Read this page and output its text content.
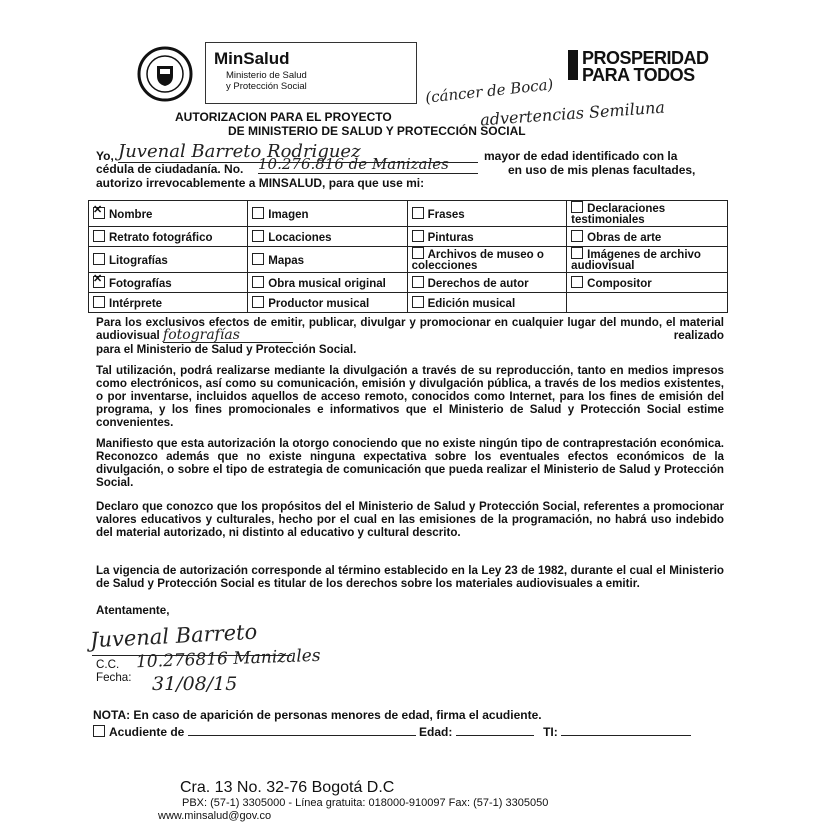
MinSalud
Ministerio de Salud
y Protección Social
PROSPERIDAD
PARA TODOS
(cáncer de Boca)
advertencias Semiluna
AUTORIZACION PARA EL PROYECTO
DE MINISTERIO DE SALUD Y PROTECCIÓN SOCIAL
Yo, Juvenal Barreto Rodriguez	mayor de edad identificado con la
cédula de ciudadanía. No. 10.276.816 de Manizales	en uso de mis plenas facultades,
autorizo irrevocablemente a MINSALUD, para que use mi:
✕Nombre	Imagen	Frases	Declaraciones testimoniales
Retrato fotográfico	Locaciones	Pinturas	Obras de arte
Litografías	Mapas	Archivos de museo o colecciones	Imágenes de archivo audiovisual
✕Fotografías	Obra musical original	Derechos de autor	Compositor
Intérprete	Productor musical	Edición musical	
Para los exclusivos efectos de emitir, publicar, divulgar y promocionar en cualquier lugar del mundo, el material audiovisual fotografías	realizado

para el Ministerio de Salud y Protección Social.
Tal utilización, podrá realizarse mediante la divulgación a través de su reproducción, tanto en medios impresos como electrónicos, así como su comunicación, emisión y divulgación pública, a través de los medios existentes, o por inventarse, incluidos aquellos de acceso remoto, conocidos como Internet, para los fines de emisión del programa, y los fines promocionales e informativos que el Ministerio de Salud y Protección Social estime convenientes.
Manifiesto que esta autorización la otorgo conociendo que no existe ningún tipo de contraprestación económica. Reconozco además que no existe ninguna expectativa sobre los eventuales efectos económicos de la divulgación, o sobre el tipo de estrategia de comunicación que pueda realizar el Ministerio de Salud y Protección Social.
Declaro que conozco que los propósitos del el Ministerio de Salud y Protección Social, referentes a promocionar valores educativos y culturales, hecho por el cual en las emisiones de la programación, no habrá uso indebido del material autorizado, ni distinto al educativo y cultural descrito.
La vigencia de autorización corresponde al término establecido en la Ley 23 de 1982, durante el cual el Ministerio de Salud y Protección Social es titular de los derechos sobre los materiales audiovisuales a emitir.
Atentamente,
Juvenal Barreto
C.C. 10.276816 Manizales
Fecha: 31/08/15
NOTA: En caso de aparición de personas menores de edad, firma el acudiente.
Acudiente de	Edad:	TI:
Cra. 13 No. 32-76 Bogotá D.C
PBX: (57-1) 3305000 - Línea gratuita: 018000-910097 Fax: (57-1) 3305050
www.minsalud@gov.co
